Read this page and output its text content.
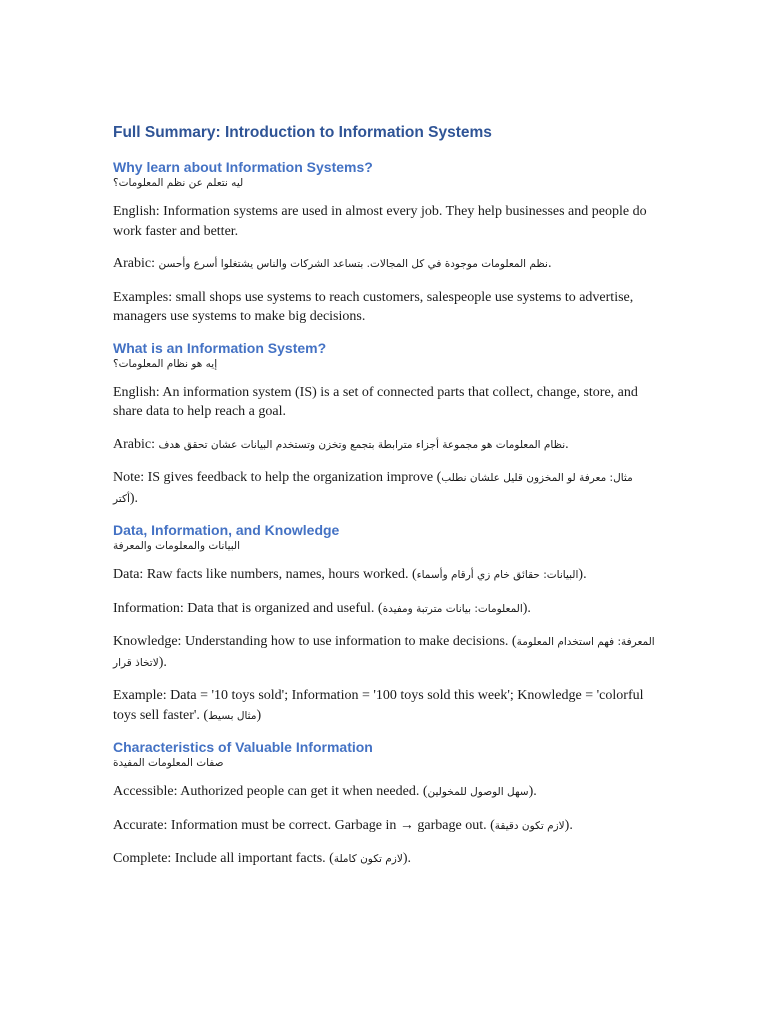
Full Summary: Introduction to Information Systems
Why learn about Information Systems?
ليه نتعلم عن نظم المعلومات؟

English: Information systems are used in almost every job. They help businesses and people do work faster and better.

Arabic: نظم المعلومات موجودة في كل المجالات. بتساعد الشركات والناس يشتغلوا أسرع وأحسن.

Examples: small shops use systems to reach customers, salespeople use systems to advertise, managers use systems to make big decisions.

What is an Information System?
إيه هو نظام المعلومات؟

English: An information system (IS) is a set of connected parts that collect, change, store, and share data to help reach a goal.

Arabic: نظام المعلومات هو مجموعة أجزاء مترابطة بتجمع وتخزن وتستخدم البيانات عشان تحقق هدف.

Note: IS gives feedback to help the organization improve (مثال: معرفة لو المخزون قليل علشان نطلب أكتر).

Data, Information, and Knowledge
البيانات والمعلومات والمعرفة

Data: Raw facts like numbers, names, hours worked. (البيانات: حقائق خام زي أرقام وأسماء).

Information: Data that is organized and useful. (المعلومات: بيانات مترتبة ومفيدة).

Knowledge: Understanding how to use information to make decisions. (المعرفة: فهم استخدام المعلومة لاتخاذ قرار).

Example: Data = '10 toys sold'; Information = '100 toys sold this week'; Knowledge = 'colorful toys sell faster'. (مثال بسيط)

Characteristics of Valuable Information
صفات المعلومات المفيدة

Accessible: Authorized people can get it when needed. (سهل الوصول للمخولين).

Accurate: Information must be correct. Garbage in → garbage out. (لازم تكون دقيقة).

Complete: Include all important facts. (لازم تكون كاملة).
